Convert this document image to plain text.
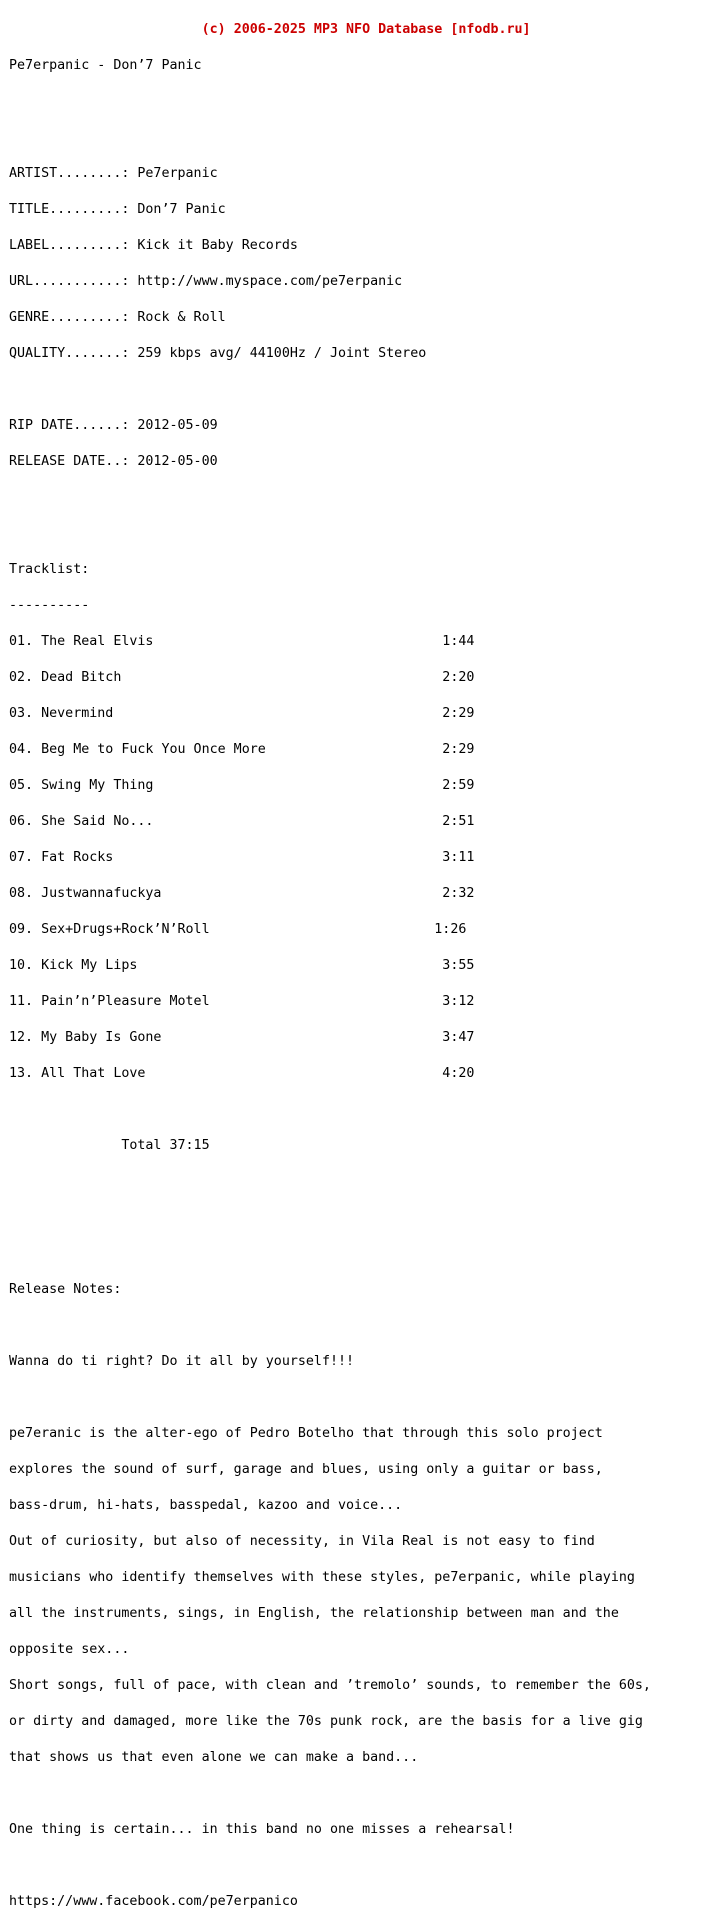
(c) 2006-2025 MP3 NFO Database [nfodb.ru]

Pe7erpanic - Don’7 Panic

ARTIST........: Pe7erpanic

TITLE.........: Don’7 Panic

LABEL.........: Kick it Baby Records

URL...........: http://www.myspace.com/pe7erpanic

GENRE.........: Rock & Roll

QUALITY.......: 259 kbps avg/ 44100Hz / Joint Stereo

RIP DATE......: 2012-05-09

RELEASE DATE..: 2012-05-00

Tracklist:

----------

01. The Real Elvis                                    1:44

02. Dead Bitch                                        2:20

03. Nevermind                                         2:29

04. Beg Me to Fuck You Once More                      2:29

05. Swing My Thing                                    2:59

06. She Said No...                                    2:51

07. Fat Rocks                                         3:11

08. Justwannafuckya                                   2:32

09. Sex+Drugs+Rock’N’Roll                            1:26

10. Kick My Lips                                      3:55

11. Pain’n’Pleasure Motel                             3:12

12. My Baby Is Gone                                   3:47

13. All That Love                                     4:20

Total 37:15

Release Notes:

Wanna do ti right? Do it all by yourself!!!

pe7eranic is the alter-ego of Pedro Botelho that through this solo project

explores the sound of surf, garage and blues, using only a guitar or bass,

bass-drum, hi-hats, basspedal, kazoo and voice...

Out of curiosity, but also of necessity, in Vila Real is not easy to find

musicians who identify themselves with these styles, pe7erpanic, while playing

all the instruments, sings, in English, the relationship between man and the

opposite sex...

Short songs, full of pace, with clean and ’tremolo’ sounds, to remember the 60s,

or dirty and damaged, more like the 70s punk rock, are the basis for a live gig

that shows us that even alone we can make a band...

One thing is certain... in this band no one misses a rehearsal!

https://www.facebook.com/pe7erpanico
